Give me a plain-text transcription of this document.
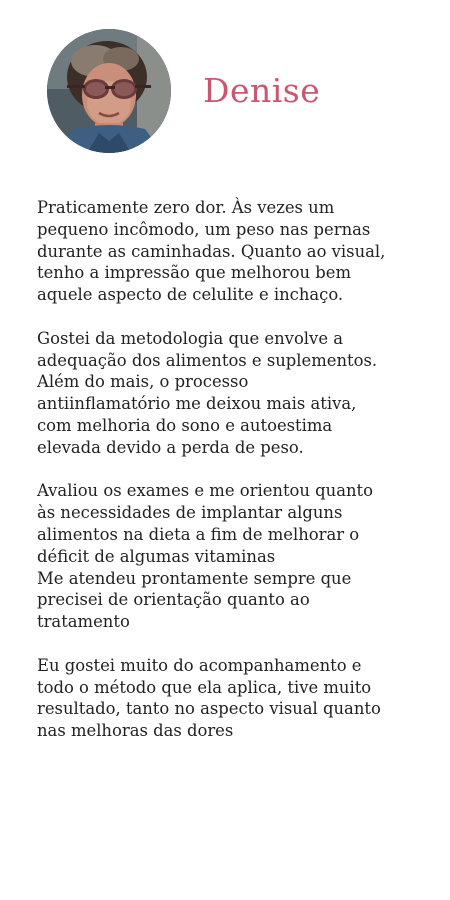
Denise

Praticamente zero dor. Às vezes um
pequeno incômodo, um peso nas pernas
durante as caminhadas. Quanto ao visual,
tenho a impressão que melhorou bem
aquele aspecto de celulite e inchaço.

Gostei da metodologia que envolve a
adequação dos alimentos e suplementos.
Além do mais, o processo
antiinflamatório me deixou mais ativa,
com melhoria do sono e autoestima
elevada devido a perda de peso.

Avaliou os exames e me orientou quanto
às necessidades de implantar alguns
alimentos na dieta a fim de melhorar o
déficit de algumas vitaminas
Me atendeu prontamente sempre que
precisei de orientação quanto ao
tratamento

Eu gostei muito do acompanhamento e
todo o método que ela aplica, tive muito
resultado, tanto no aspecto visual quanto
nas melhoras das dores
